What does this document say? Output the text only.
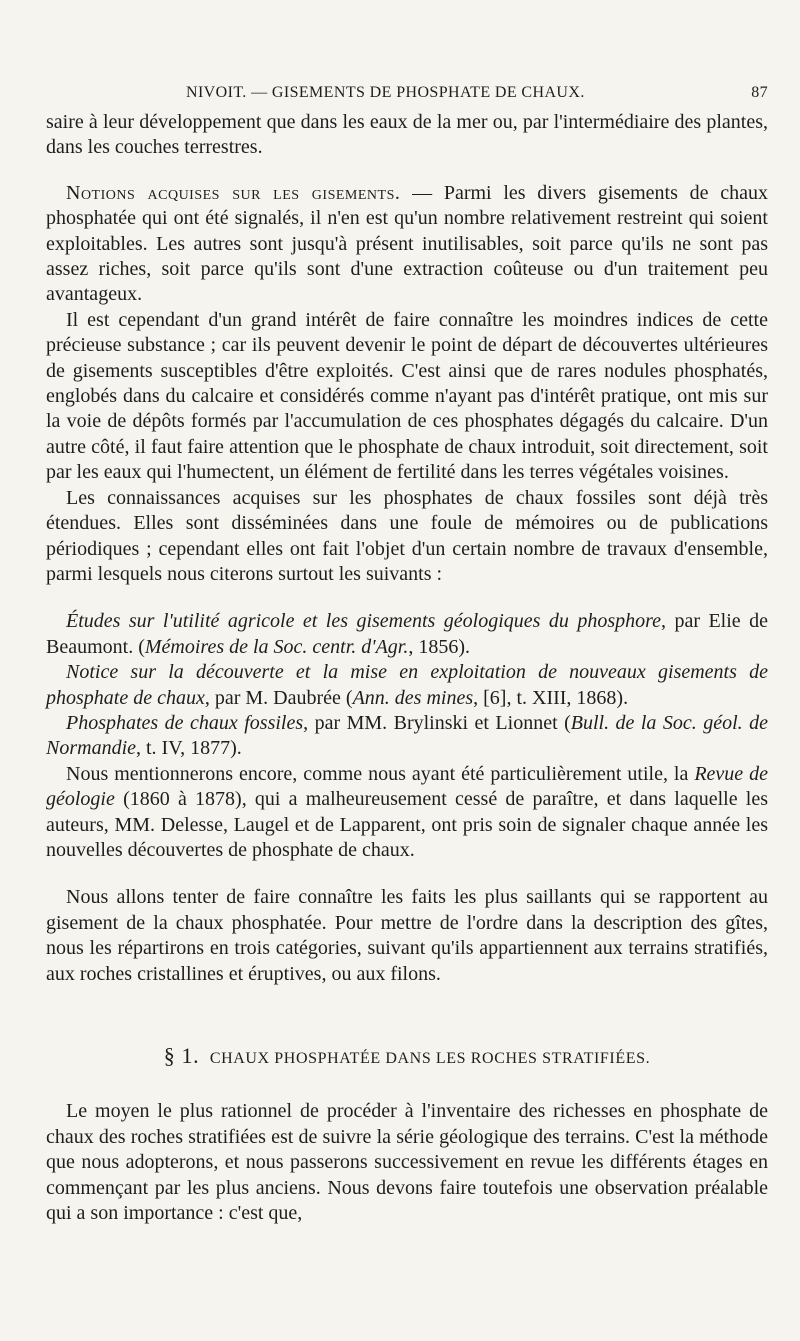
NIVOIT. — GISEMENTS DE PHOSPHATE DE CHAUX.	87

saire à leur développement que dans les eaux de la mer ou, par l'intermédiaire des plantes, dans les couches terrestres.

Notions acquises sur les gisements. — Parmi les divers gisements de chaux phosphatée qui ont été signalés, il n'en est qu'un nombre relativement restreint qui soient exploitables. Les autres sont jusqu'à présent inutilisables, soit parce qu'ils ne sont pas assez riches, soit parce qu'ils sont d'une extraction coûteuse ou d'un traitement peu avantageux.

Il est cependant d'un grand intérêt de faire connaître les moindres indices de cette précieuse substance ; car ils peuvent devenir le point de départ de découvertes ultérieures de gisements susceptibles d'être exploités. C'est ainsi que de rares nodules phosphatés, englobés dans du calcaire et considérés comme n'ayant pas d'intérêt pratique, ont mis sur la voie de dépôts formés par l'accumulation de ces phosphates dégagés du calcaire. D'un autre côté, il faut faire attention que le phosphate de chaux introduit, soit directement, soit par les eaux qui l'humectent, un élément de fertilité dans les terres végétales voisines.

Les connaissances acquises sur les phosphates de chaux fossiles sont déjà très étendues. Elles sont disséminées dans une foule de mémoires ou de publications périodiques ; cependant elles ont fait l'objet d'un certain nombre de travaux d'ensemble, parmi lesquels nous citerons surtout les suivants :

Études sur l'utilité agricole et les gisements géologiques du phosphore, par Elie de Beaumont. (Mémoires de la Soc. centr. d'Agr., 1856).

Notice sur la découverte et la mise en exploitation de nouveaux gisements de phosphate de chaux, par M. Daubrée (Ann. des mines, [6], t. XIII, 1868).

Phosphates de chaux fossiles, par MM. Brylinski et Lionnet (Bull. de la Soc. géol. de Normandie, t. IV, 1877).

Nous mentionnerons encore, comme nous ayant été particulièrement utile, la Revue de géologie (1860 à 1878), qui a malheureusement cessé de paraître, et dans laquelle les auteurs, MM. Delesse, Laugel et de Lapparent, ont pris soin de signaler chaque année les nouvelles découvertes de phosphate de chaux.

Nous allons tenter de faire connaître les faits les plus saillants qui se rapportent au gisement de la chaux phosphatée. Pour mettre de l'ordre dans la description des gîtes, nous les répartirons en trois catégories, suivant qu'ils appartiennent aux terrains stratifiés, aux roches cristallines et éruptives, ou aux filons.

§ 1. CHAUX PHOSPHATÉE DANS LES ROCHES STRATIFIÉES.

Le moyen le plus rationnel de procéder à l'inventaire des richesses en phosphate de chaux des roches stratifiées est de suivre la série géologique des terrains. C'est la méthode que nous adopterons, et nous passerons successivement en revue les différents étages en commençant par les plus anciens. Nous devons faire toutefois une observation préalable qui a son importance : c'est que,
